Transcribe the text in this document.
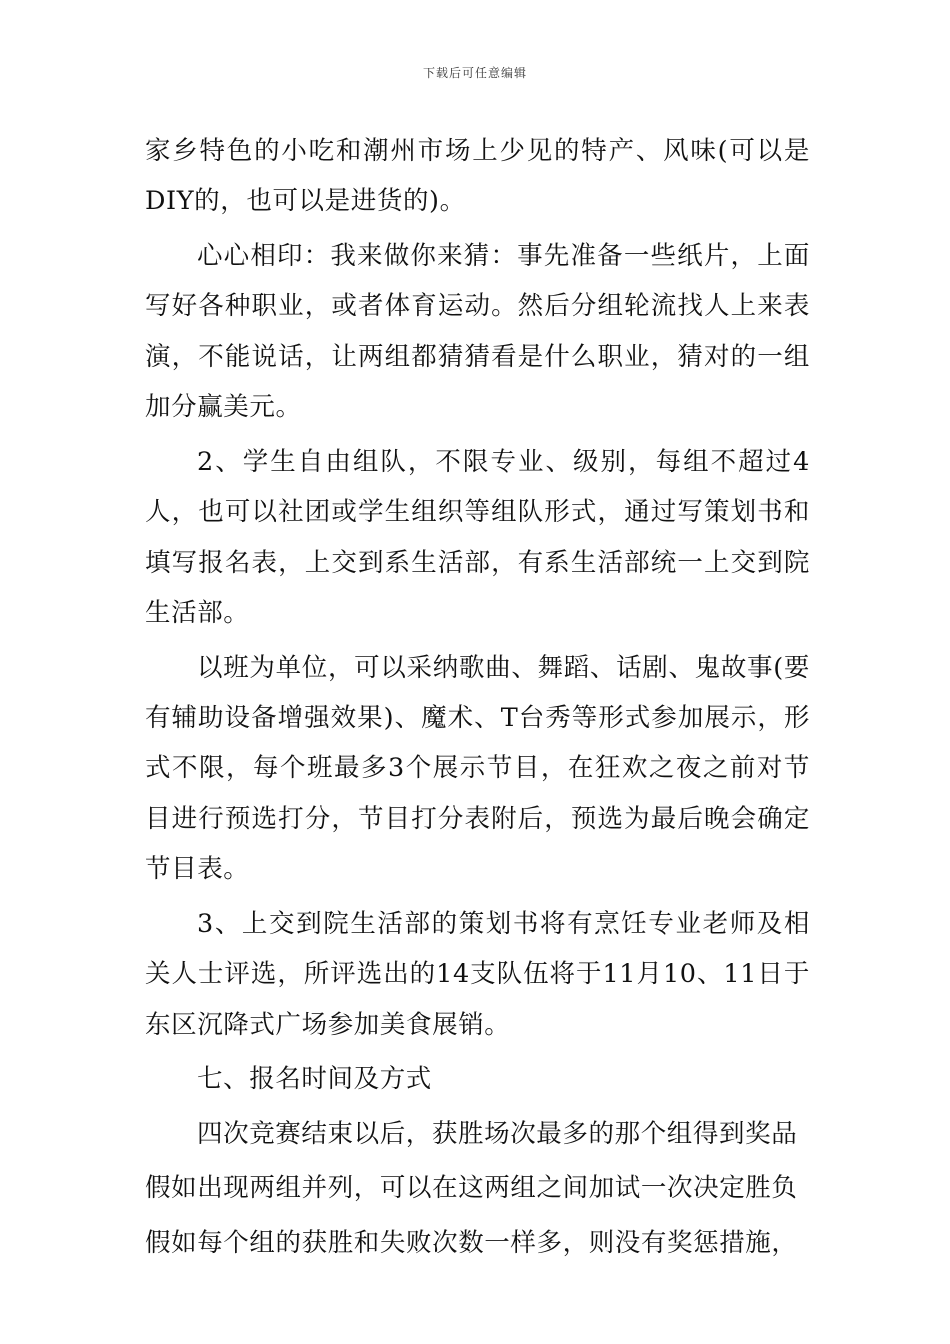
下载后可任意编辑

家乡特色的小吃和潮州市场上少见的特产、风味(可以是DIY的，也可以是进货的)。

心心相印：我来做你来猜：事先准备一些纸片，上面写好各种职业，或者体育运动。然后分组轮流找人上来表演，不能说话，让两组都猜猜看是什么职业，猜对的一组加分赢美元。

2、学生自由组队，不限专业、级别，每组不超过4人，也可以社团或学生组织等组队形式，通过写策划书和填写报名表，上交到系生活部，有系生活部统一上交到院生活部。

以班为单位，可以采纳歌曲、舞蹈、话剧、鬼故事(要有辅助设备增强效果)、魔术、T台秀等形式参加展示，形式不限，每个班最多3个展示节目，在狂欢之夜之前对节目进行预选打分，节目打分表附后，预选为最后晚会确定节目表。

3、上交到院生活部的策划书将有烹饪专业老师及相关人士评选，所评选出的14支队伍将于11月10、11日于东区沉降式广场参加美食展销。

七、报名时间及方式

四次竞赛结束以后，获胜场次最多的那个组得到奖品

假如出现两组并列，可以在这两组之间加试一次决定胜负

假如每个组的获胜和失败次数一样多，则没有奖惩措施，
